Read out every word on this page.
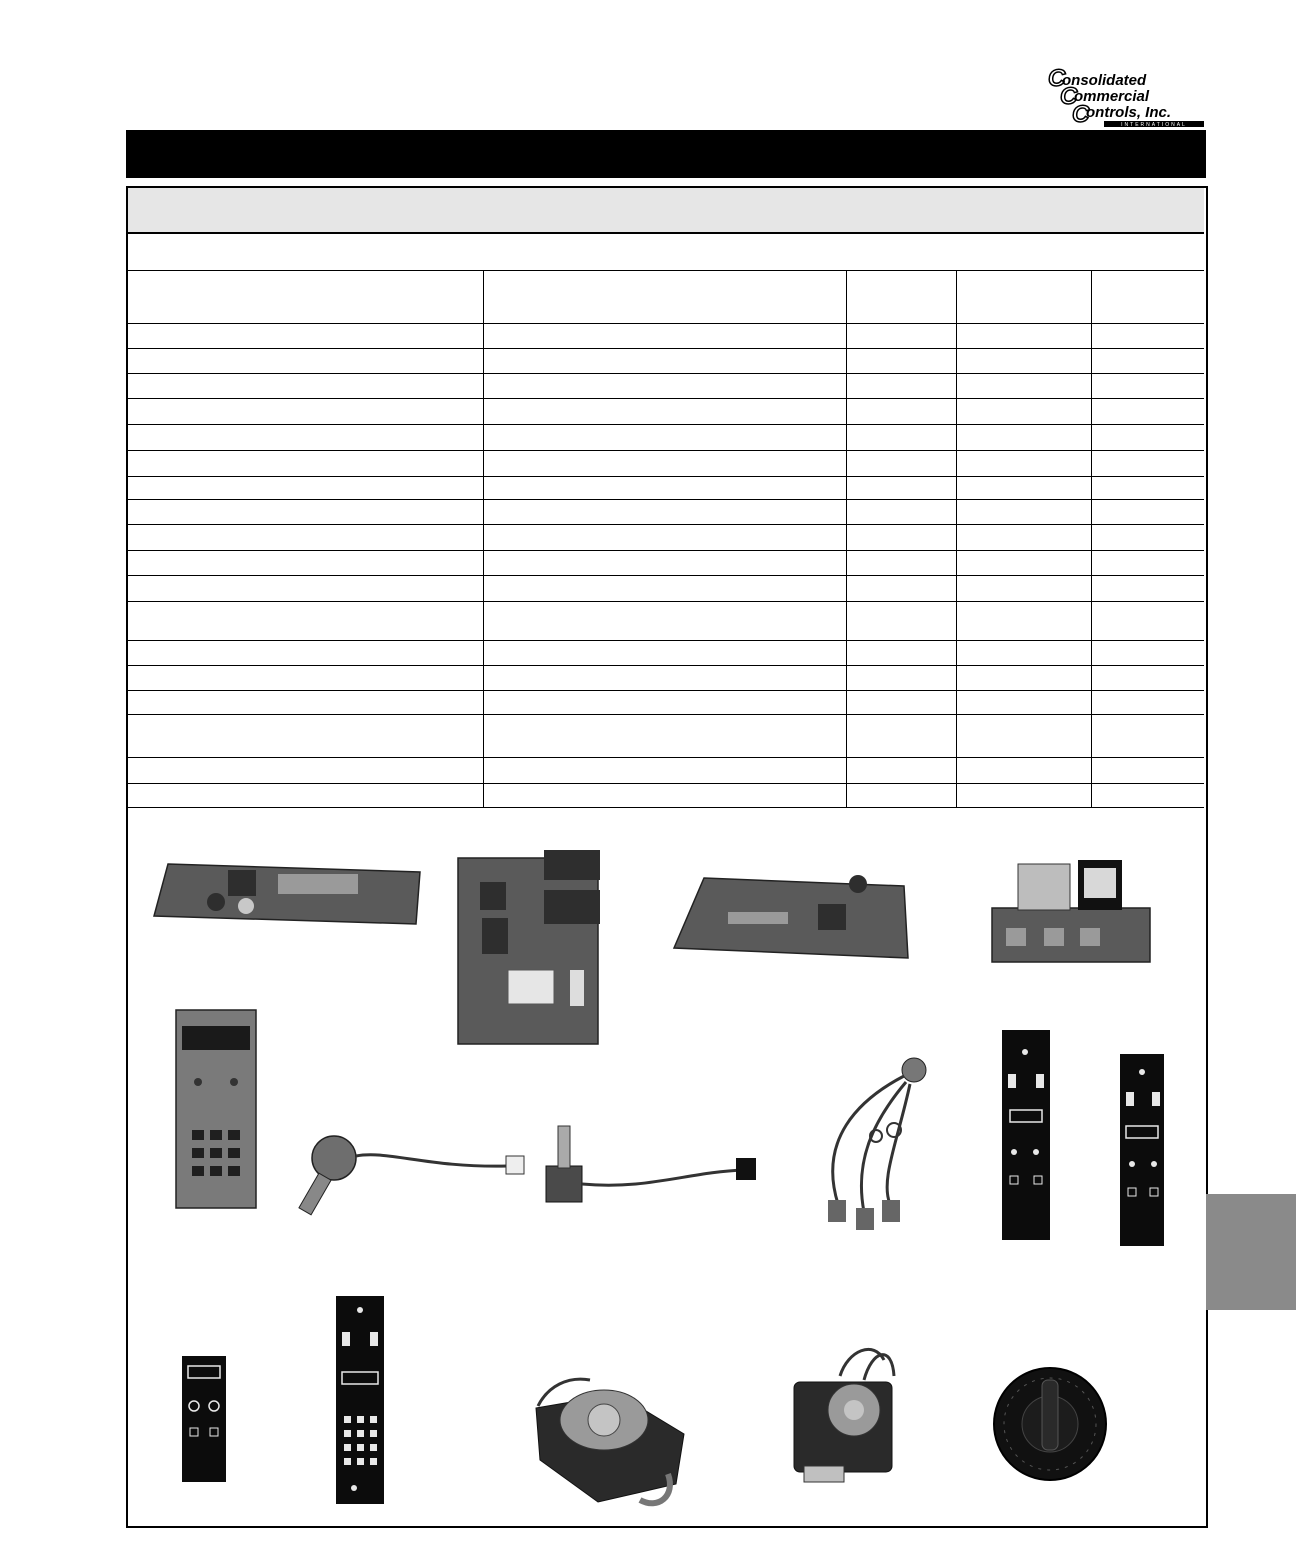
C
onsolidated
C
ommercial
C
ontrols, Inc.
INTERNATIONAL
